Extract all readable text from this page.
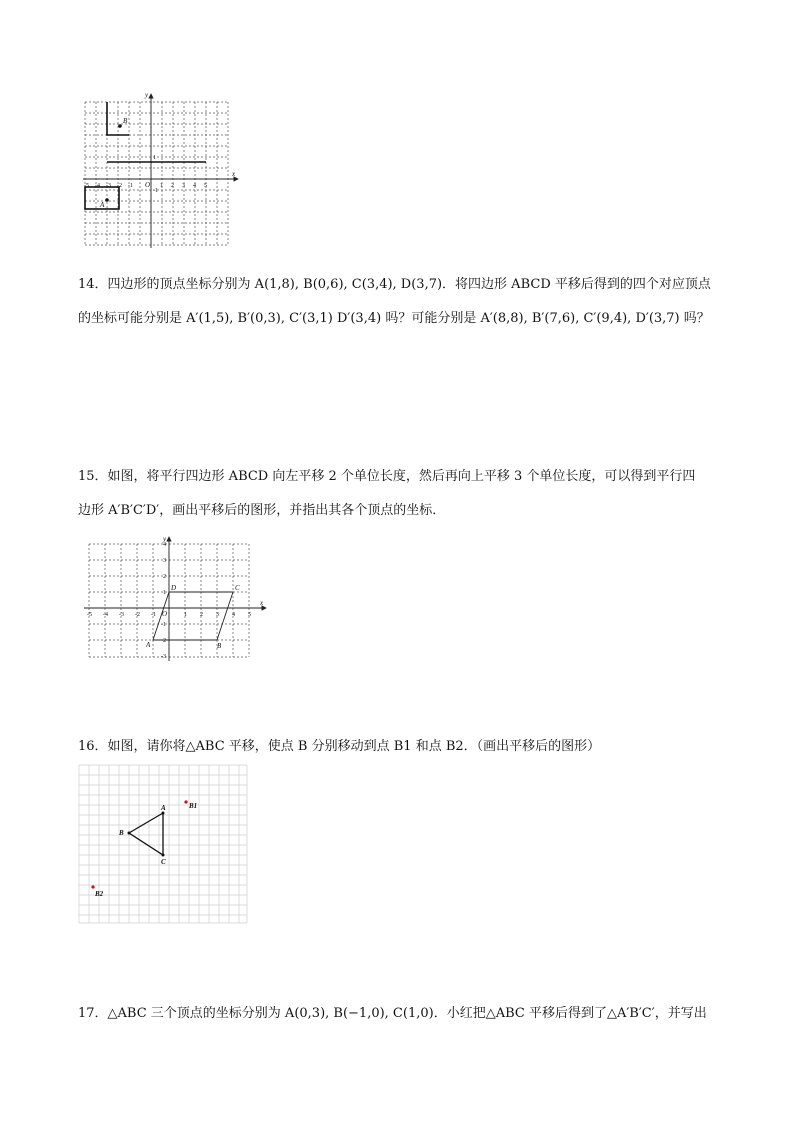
B
A
x
y
O
-5 -4 -3 -2 -1	1 2 3 4 5
1
-1

14．四边形的顶点坐标分别为 A(1,8), B(0,6), C(3,4), D(3,7)．将四边形 ABCD 平移后得到的四个对应顶点

的坐标可能分别是 A′(1,5), B′(0,3), C′(3,1) D′(3,4) 吗？可能分别是 A′(8,8), B′(7,6), C′(9,4), D′(3,7) 吗？

15．如图，将平行四边形 ABCD 向左平移 2 个单位长度，然后再向上平移 3 个单位长度，可以得到平行四

边形 A′B′C′D′，画出平移后的图形，并指出其各个顶点的坐标．

A	B
C
D
x
y
O
-5 -4 -3 -2 -1	1 2 3 4 5
4
3
2
1
-1
-2
-3

16．如图，请你将△ABC 平移，使点 B 分别移动到点 B1 和点 B2．（画出平移后的图形）

A
B
C
B1
B2

17．△ABC 三个顶点的坐标分别为 A(0,3), B(−1,0), C(1,0)．小红把△ABC 平移后得到了△A′B′C′，并写出
